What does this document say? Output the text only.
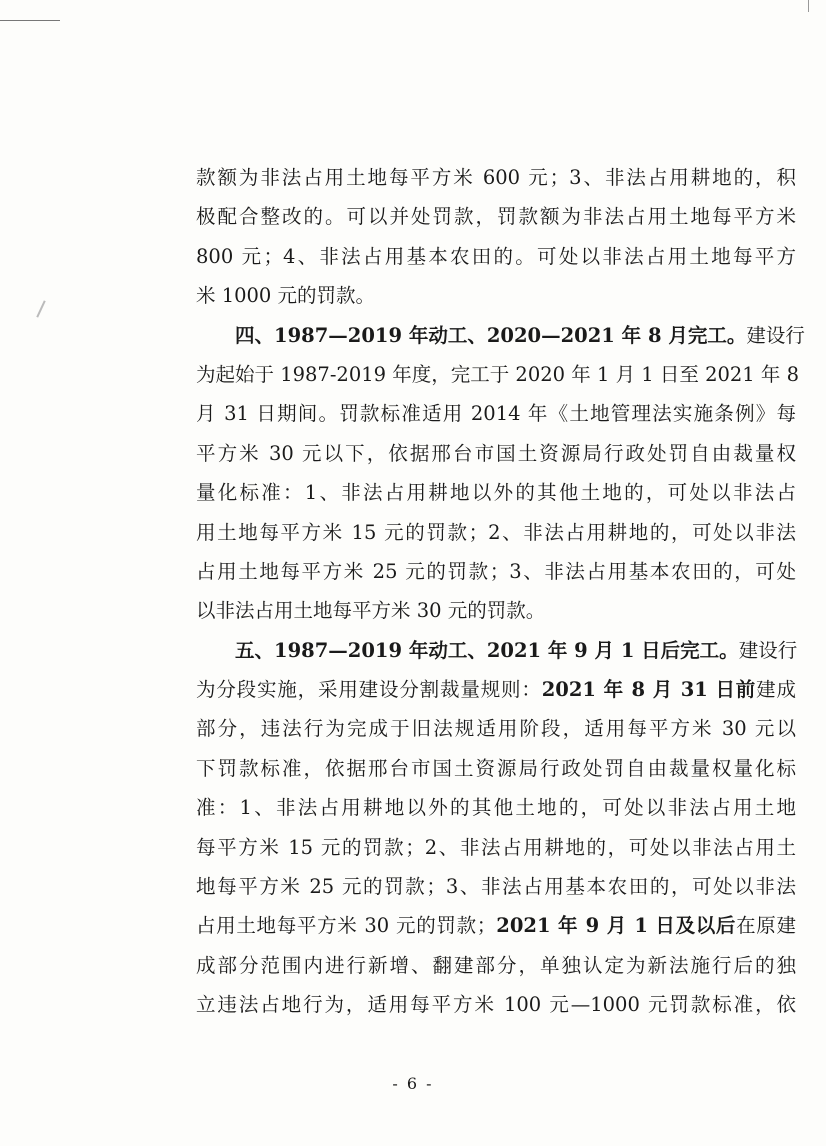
款额为非法占用土地每平方米 600 元；3、非法占用耕地的，积
极配合整改的。可以并处罚款，罚款额为非法占用土地每平方米
800 元；4、非法占用基本农田的。可处以非法占用土地每平方
米 1000 元的罚款。
四、1987—2019 年动工、2020—2021 年 8 月完工。建设行
为起始于 1987-2019 年度，完工于 2020 年 1 月 1 日至 2021 年 8
月 31 日期间。罚款标准适用 2014 年《土地管理法实施条例》每
平方米 30 元以下，依据邢台市国土资源局行政处罚自由裁量权
量化标准：1、非法占用耕地以外的其他土地的，可处以非法占
用土地每平方米 15 元的罚款；2、非法占用耕地的，可处以非法
占用土地每平方米 25 元的罚款；3、非法占用基本农田的，可处
以非法占用土地每平方米 30 元的罚款。
五、1987—2019 年动工、2021 年 9 月 1 日后完工。建设行
为分段实施，采用建设分割裁量规则：2021 年 8 月 31 日前建成
部分，违法行为完成于旧法规适用阶段，适用每平方米 30 元以
下罚款标准，依据邢台市国土资源局行政处罚自由裁量权量化标
准：1、非法占用耕地以外的其他土地的，可处以非法占用土地
每平方米 15 元的罚款；2、非法占用耕地的，可处以非法占用土
地每平方米 25 元的罚款；3、非法占用基本农田的，可处以非法
占用土地每平方米 30 元的罚款；2021 年 9 月 1 日及以后在原建
成部分范围内进行新增、翻建部分，单独认定为新法施行后的独
立违法占地行为，适用每平方米 100 元—1000 元罚款标准，依
- 6 -
